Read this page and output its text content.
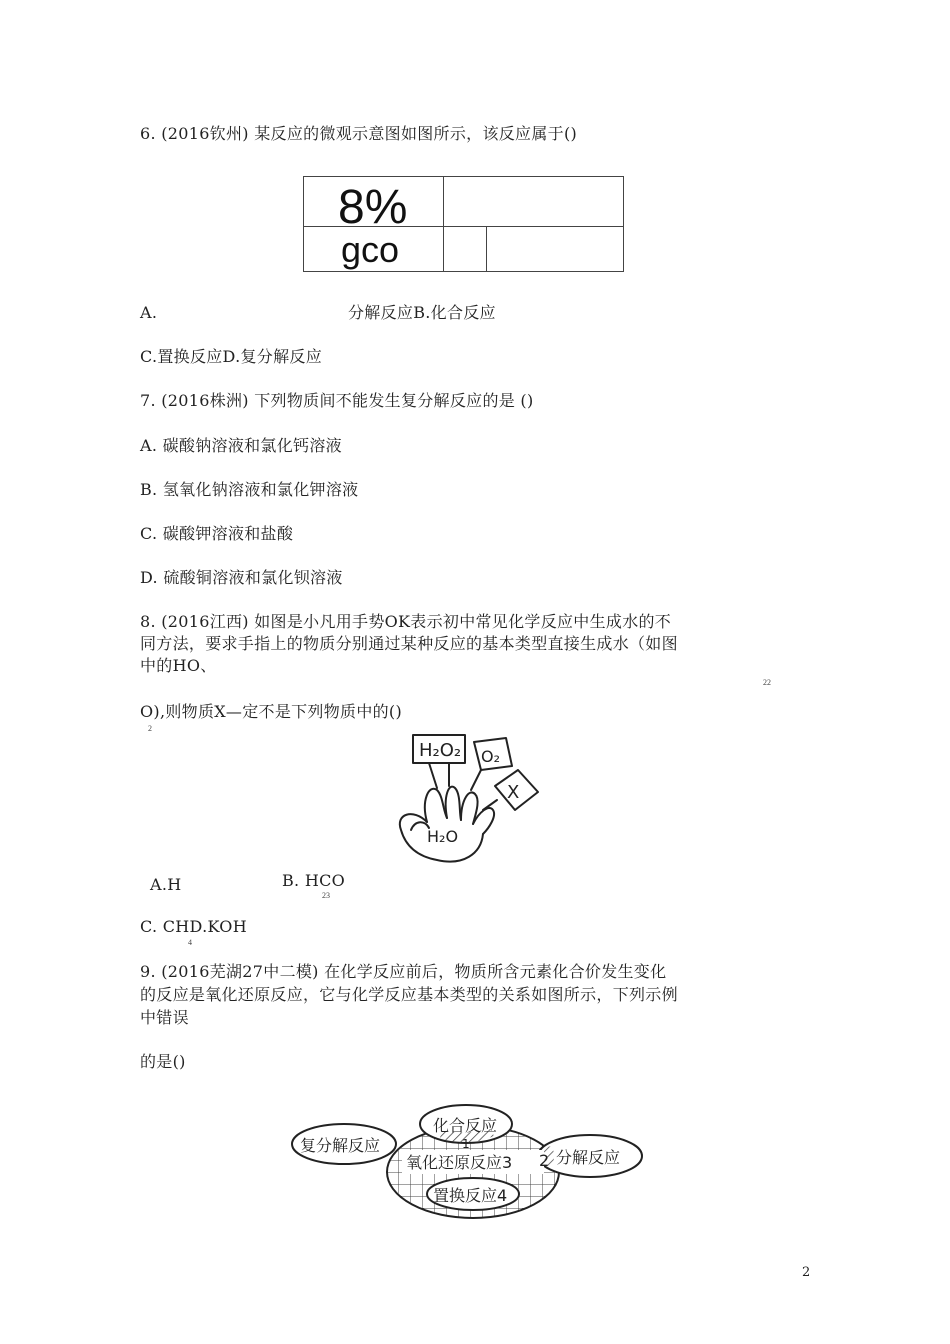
6. (2016钦州) 某反应的微观示意图如图所示，该反应属于()
8%
gco
A.	分解反应B.化合反应
C.置换反应D.复分解反应
7. (2016株洲) 下列物质间不能发生复分解反应的是 ()
A. 碳酸钠溶液和氯化钙溶液
B. 氢氧化钠溶液和氯化钾溶液
C. 碳酸钾溶液和盐酸
D. 硫酸铜溶液和氯化钡溶液
8. (2016江西) 如图是小凡用手势OK表示初中常见化学反应中生成水的不
同方法，要求手指上的物质分别通过某种反应的基本类型直接生成水（如图
中的HO、
22
O),则物质X—定不是下列物质中的()
2
H₂O₂ O₂
X
H₂O
A.H	B. HCO
23
C. CHD.KOH
4
9. (2016芜湖27中二模) 在化学反应前后，物质所含元素化合价发生变化
的反应是氧化还原反应，它与化学反应基本类型的关系如图所示，下列示例
中错误
的是()
化合反应
复分解反应
氧化还原反应3 2 分解反应
置换反应4
1
2
